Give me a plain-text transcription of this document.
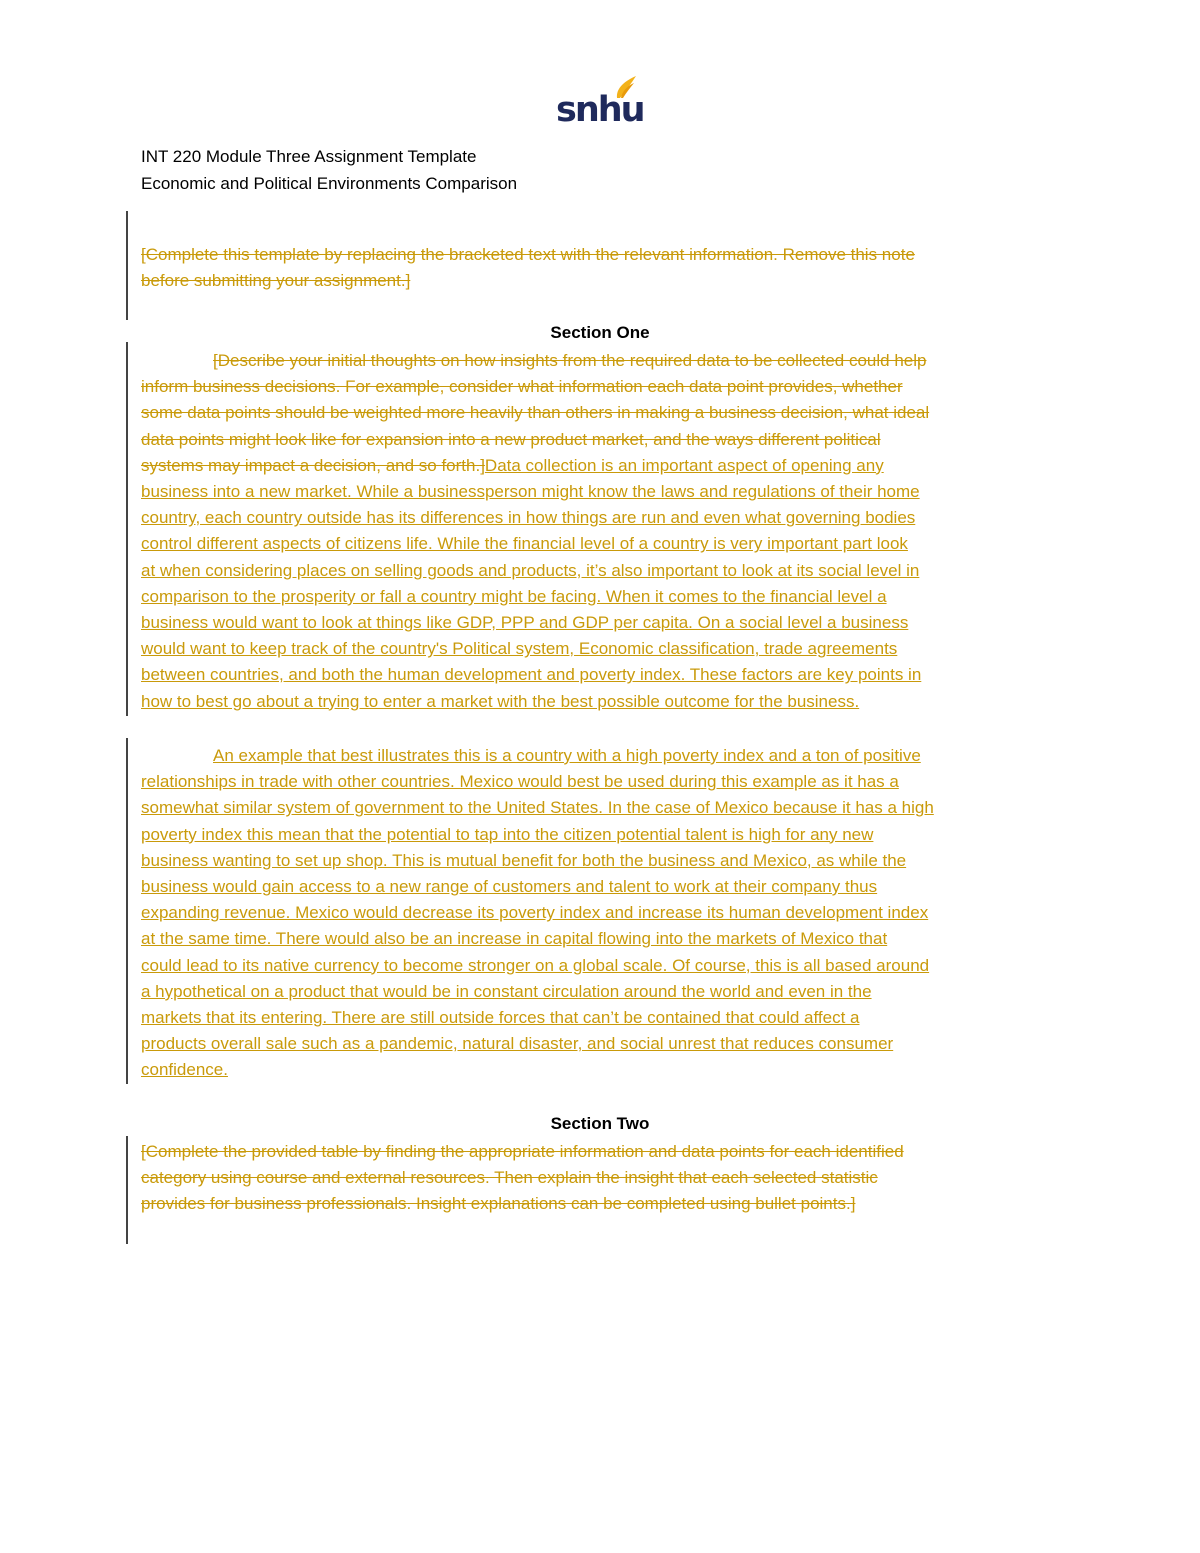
snhu
INT 220 Module Three Assignment Template
Economic and Political Environments Comparison
[Complete this template by replacing the bracketed text with the relevant information. Remove this note
before submitting your assignment.]
Section One
[Describe your initial thoughts on how insights from the required data to be collected could help
inform business decisions. For example, consider what information each data point provides, whether
some data points should be weighted more heavily than others in making a business decision, what ideal
data points might look like for expansion into a new product market, and the ways different political
systems may impact a decision, and so forth.]Data collection is an important aspect of opening any
business into a new market. While a businessperson might know the laws and regulations of their home
country, each country outside has its differences in how things are run and even what governing bodies
control different aspects of citizens life. While the financial level of a country is very important part look
at when considering places on selling goods and products, it’s also important to look at its social level in
comparison to the prosperity or fall a country might be facing. When it comes to the financial level a
business would want to look at things like GDP, PPP and GDP per capita. On a social level a business
would want to keep track of the country's Political system, Economic classification, trade agreements
between countries, and both the human development and poverty index. These factors are key points in
how to best go about a trying to enter a market with the best possible outcome for the business.
An example that best illustrates this is a country with a high poverty index and a ton of positive
relationships in trade with other countries. Mexico would best be used during this example as it has a
somewhat similar system of government to the United States. In the case of Mexico because it has a high
poverty index this mean that the potential to tap into the citizen potential talent is high for any new
business wanting to set up shop. This is mutual benefit for both the business and Mexico, as while the
business would gain access to a new range of customers and talent to work at their company thus
expanding revenue. Mexico would decrease its poverty index and increase its human development index
at the same time. There would also be an increase in capital flowing into the markets of Mexico that
could lead to its native currency to become stronger on a global scale. Of course, this is all based around
a hypothetical on a product that would be in constant circulation around the world and even in the
markets that its entering. There are still outside forces that can’t be contained that could affect a
products overall sale such as a pandemic, natural disaster, and social unrest that reduces consumer
confidence.
Section Two
[Complete the provided table by finding the appropriate information and data points for each identified
category using course and external resources. Then explain the insight that each selected statistic
provides for business professionals. Insight explanations can be completed using bullet points.]
